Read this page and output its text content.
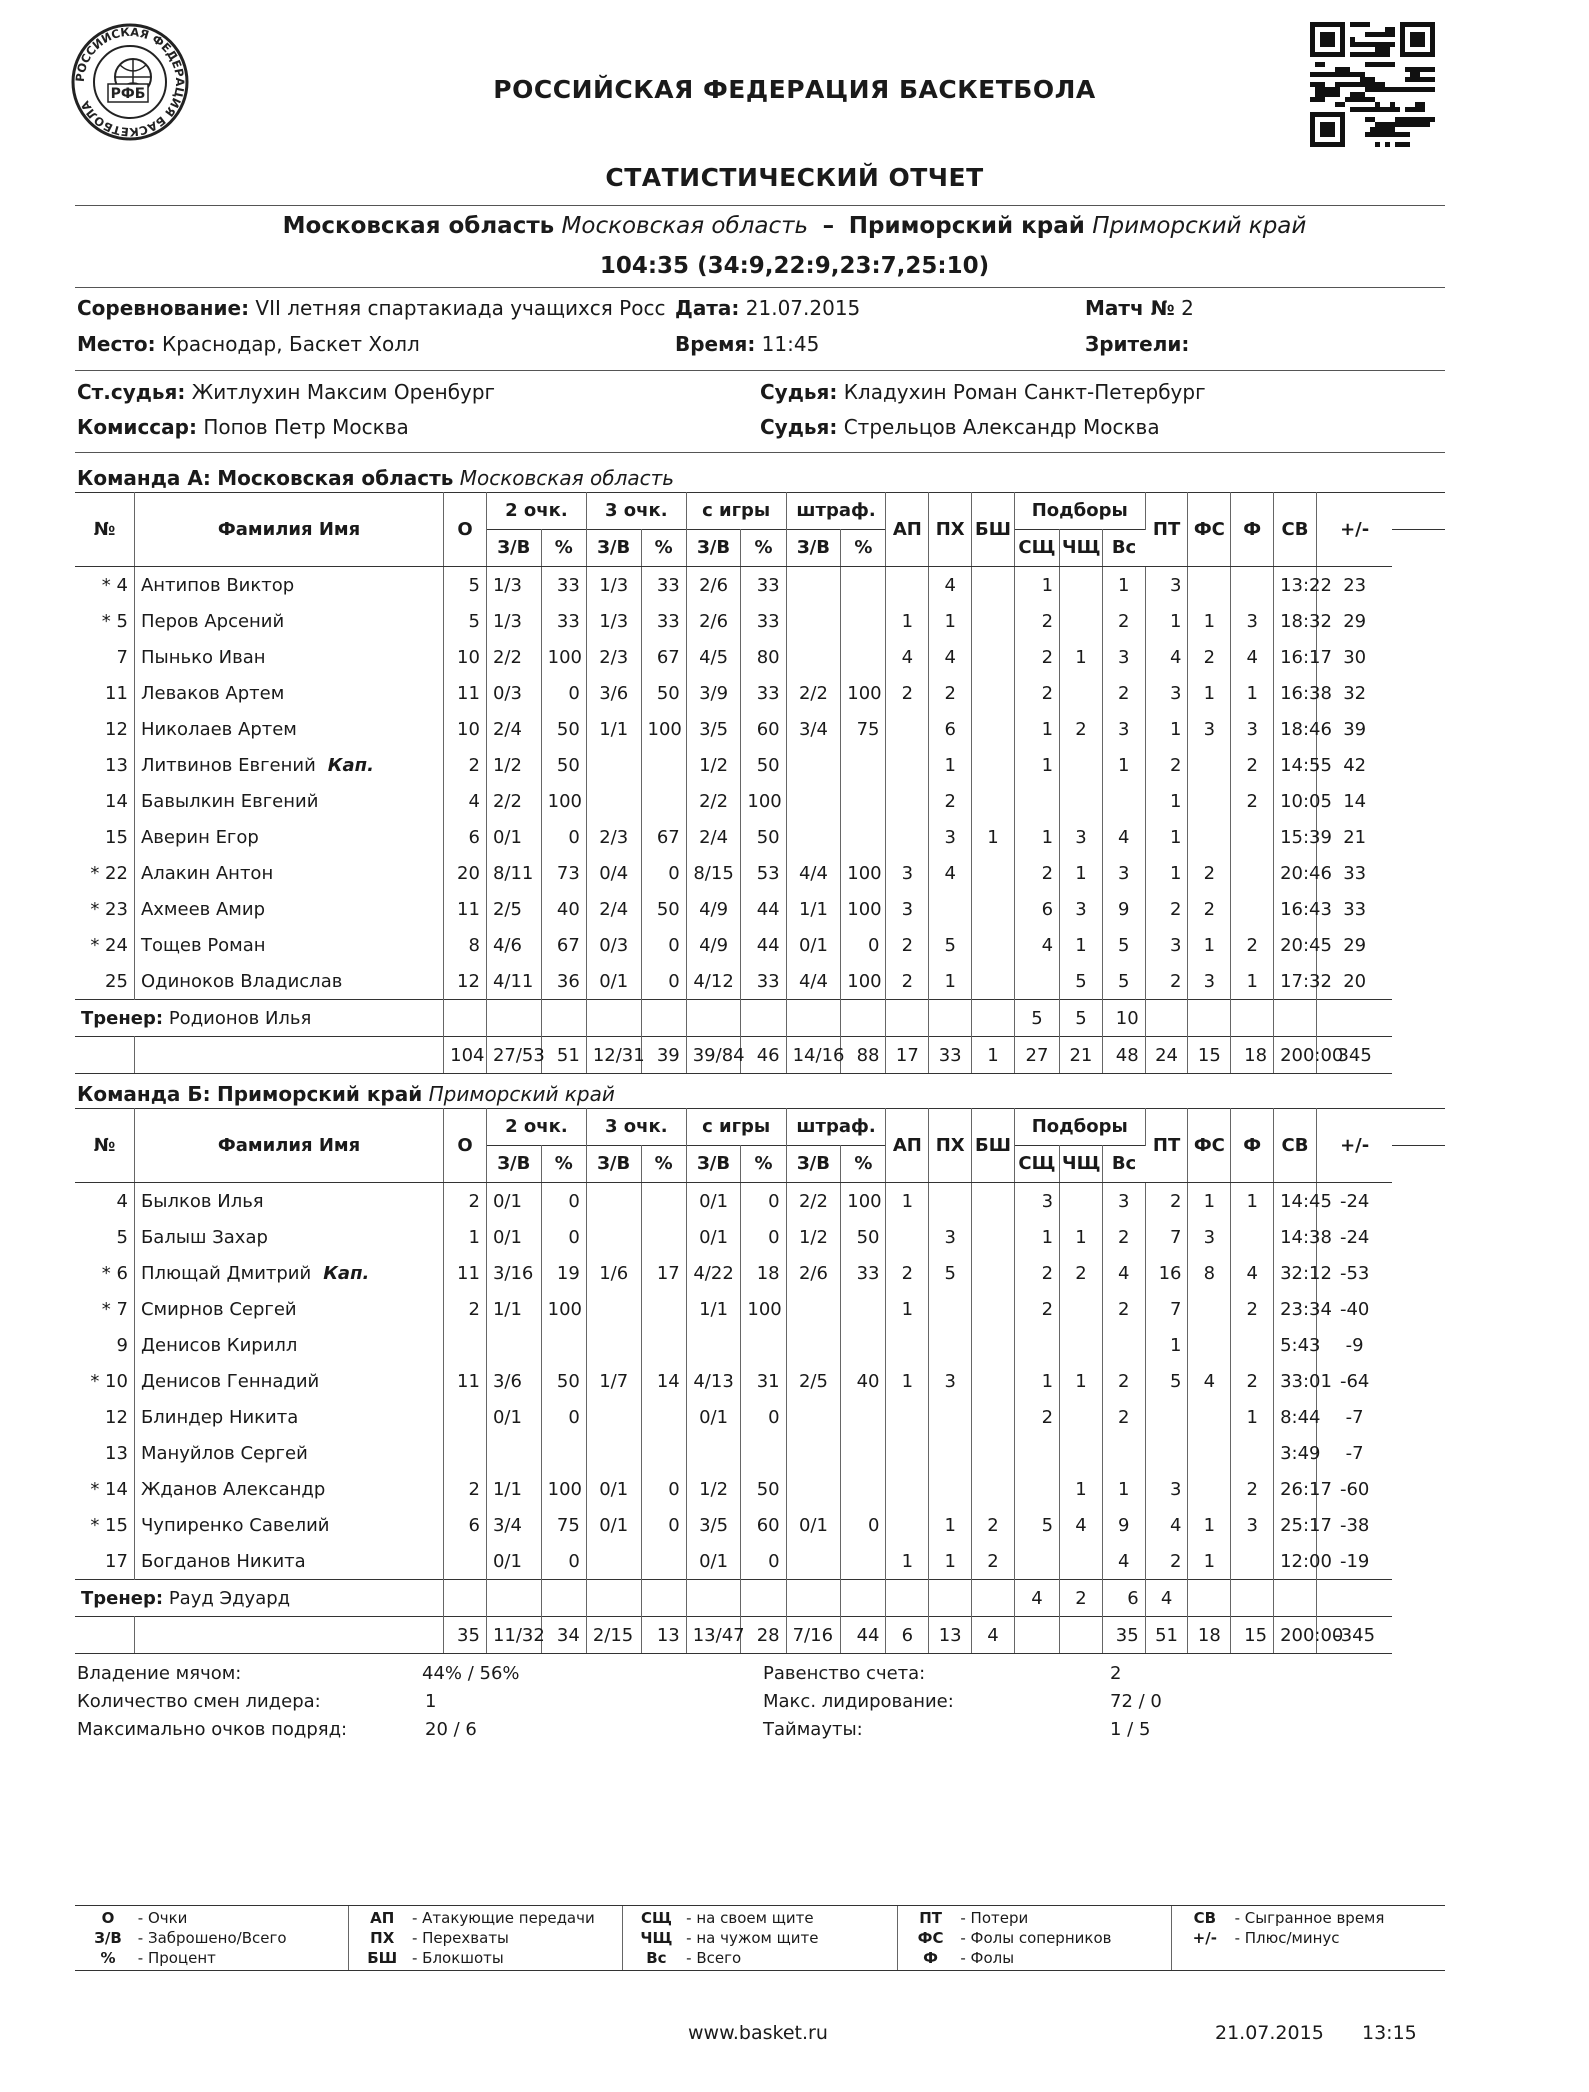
РОССИЙСКАЯ ФЕДЕРАЦИЯ БАСКЕТБОЛА
РФБ	РОССИЙСКАЯ ФЕДЕРАЦИЯ БАСКЕТБОЛА
СТАТИСТИЧЕСКИЙ ОТЧЕТ
Московская область Московская область – Приморский край Приморский край
104:35 (34:9,22:9,23:7,25:10)
Соревнование: VII летняя спартакиада учащихся Росс Дата: 21.07.2015	Матч № 2
Место: Краснодар, Баскет Холл	Время: 11:45	Зрители:
Ст.судья: Житлухин Максим Оренбург	Судья: Кладухин Роман Санкт-Петербург
Комиссар: Попов Петр Москва	Судья: Стрельцов Александр Москва
Команда А: Московская область Московская область
№	Фамилия Имя	О	2 очк.		3 очк.		с игры		штраф.		АП	ПХ	БШ	Подборы			ПТ	ФС	Ф	СВ	+/-
			З/В	%	З/В	%	З/В	%	З/В	%				СЩ	ЧЩ	Вс					
* 4	Антипов Виктор	5	1/3	33	1/3	33	2/6	33				4		1		1	3			13:22	23
* 5	Перов Арсений	5	1/3	33	1/3	33	2/6	33			1	1		2		2	1	1	3	18:32	29
7	Пынько Иван	10	2/2	100	2/3	67	4/5	80			4	4		2	1	3	4	2	4	16:17	30
11	Леваков Артем	11	0/3	0	3/6	50	3/9	33	2/2	100	2	2		2		2	3	1	1	16:38	32
12	Николаев Артем	10	2/4	50	1/1	100	3/5	60	3/4	75		6		1	2	3	1	3	3	18:46	39
13	Литвинов Евгений Кап.	2	1/2	50			1/2	50				1		1		1	2		2	14:55	42
14	Бавылкин Евгений	4	2/2	100			2/2	100				2					1		2	10:05	14
15	Аверин Егор	6	0/1	0	2/3	67	2/4	50				3	1	1	3	4	1			15:39	21
* 22	Алакин Антон	20	8/11	73	0/4	0	8/15	53	4/4	100	3	4		2	1	3	1	2		20:46	33
* 23	Ахмеев Амир	11	2/5	40	2/4	50	4/9	44	1/1	100	3			6	3	9	2	2		16:43	33
* 24	Тощев Роман	8	4/6	67	0/3	0	4/9	44	0/1	0	2	5		4	1	5	3	1	2	20:45	29
25	Одиноков Владислав	12	4/11	36	0/1	0	4/12	33	4/4	100	2	1			5	5	2	3	1	17:32	20
Тренер: Родионов Илья														5	5	10					
		104	27/53	51	12/31	39	39/84	46	14/16	88	17	33	1	27	21	48	24	15	18	200:00	345
Команда Б: Приморский край Приморский край
№	Фамилия Имя	О	2 очк.		3 очк.		с игры		штраф.		АП	ПХ	БШ	Подборы			ПТ	ФС	Ф	СВ	+/-
			З/В	%	З/В	%	З/В	%	З/В	%				СЩ	ЧЩ	Вс					
4	Былков Илья	2	0/1	0			0/1	0	2/2	100	1			3		3	2	1	1	14:45	-24
5	Балыш Захар	1	0/1	0			0/1	0	1/2	50		3		1	1	2	7	3		14:38	-24
* 6	Плющай Дмитрий Кап.	11	3/16	19	1/6	17	4/22	18	2/6	33	2	5		2	2	4	16	8	4	32:12	-53
* 7	Смирнов Сергей	2	1/1	100			1/1	100			1			2		2	7		2	23:34	-40
9	Денисов Кирилл																1			5:43	-9
* 10	Денисов Геннадий	11	3/6	50	1/7	14	4/13	31	2/5	40	1	3		1	1	2	5	4	2	33:01	-64
12	Блиндер Никита		0/1	0			0/1	0						2		2			1	8:44	-7
13	Мануйлов Сергей																			3:49	-7
* 14	Жданов Александр	2	1/1	100	0/1	0	1/2	50							1	1	3		2	26:17	-60
* 15	Чупиренко Савелий	6	3/4	75	0/1	0	3/5	60	0/1	0		1	2	5	4	9	4	1	3	25:17	-38
17	Богданов Никита		0/1	0			0/1	0			1	1	2			4	2	1		12:00	-19
Тренер: Рауд Эдуард														4	2	6	4				
		35	11/32	34	2/15	13	13/47	28	7/16	44	6	13	4			35	51	18	15	200:00	-345
Владение мячом:	44% / 56%
Количество смен лидера:	1
Максимально очков подряд:	20 / 6
Равенство счета:	2
Макс. лидирование:	72 / 0
Таймауты:	1 / 5
О - Очки
З/В - Заброшено/Всего
% - Процент
АП - Атакующие передачи
ПХ - Перехваты
БШ - Блокшоты
СЩ - на своем щите
ЧЩ - на чужом щите
Вс - Всего
ПТ - Потери
ФС - Фолы соперников
Ф - Фолы
СВ - Сыгранное время
+/- - Плюс/минус
www.basket.ru	21.07.2015 13:15
